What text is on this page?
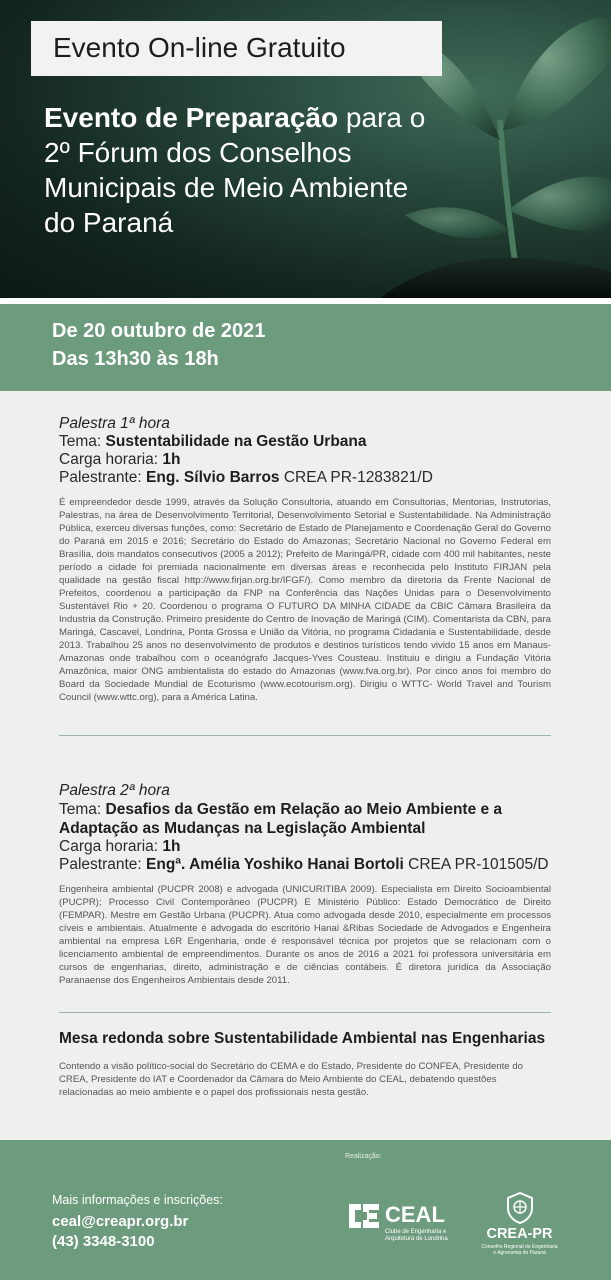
Evento On-line Gratuito
Evento de Preparação para o 2º Fórum dos Conselhos Municipais de Meio Ambiente do Paraná
De 20 outubro de 2021
Das 13h30 às 18h
Palestra 1ª hora
Tema: Sustentabilidade na Gestão Urbana
Carga horaria: 1h
Palestrante: Eng. Sílvio Barros CREA PR-1283821/D
É empreendedor desde 1999, através da Solução Consultoria, atuando em Consultorias, Mentorias, Instrutorias, Palestras, na área de Desenvolvimento Territorial, Desenvolvimento Setorial e Sustentabilidade. Na Administração Pública, exerceu diversas funções, como: Secretário de Estado de Planejamento e Coordenação Geral do Governo do Paraná em 2015 e 2016; Secretário do Estado do Amazonas; Secretário Nacional no Governo Federal em Brasília, dois mandatos consecutivos (2005 a 2012); Prefeito de Maringá/PR, cidade com 400 mil habitantes, neste período a cidade foi premiada nacionalmente em diversas áreas e reconhecida pelo Instituto FIRJAN pela qualidade na gestão fiscal http://www.firjan.org.br/IFGF/). Como membro da diretoria da Frente Nacional de Prefeitos, coordenou a participação da FNP na Conferência das Nações Unidas para o Desenvolvimento Sustentável Rio + 20. Coordenou o programa O FUTURO DA MINHA CIDADE da CBIC Câmara Brasileira da Industria da Construção. Primeiro presidente do Centro de Inovação de Maringá (CIM). Comentarista da CBN, para Maringá, Cascavel, Londrina, Ponta Grossa e União da Vitória, no programa Cidadania e Sustentabilidade, desde 2013. Trabalhou 25 anos no desenvolvimento de produtos e destinos turísticos tendo vivido 15 anos em Manaus-Amazonas onde trabalhou com o oceanógrafo Jacques-Yves Cousteau. Instituiu e dirigiu a Fundação Vitória Amazônica, maior ONG ambientalista do estado do Amazonas (www.fva.org.br). Por cinco anos foi membro do Board da Sociedade Mundial de Ecoturismo (www.ecotourism.org). Dirigiu o WTTC- World Travel and Tourism Council (www.wttc.org), para a América Latina.
Palestra 2ª hora
Tema: Desafios da Gestão em Relação ao Meio Ambiente e a Adaptação as Mudanças na Legislação Ambiental
Carga horaria: 1h
Palestrante: Engª. Amélia Yoshiko Hanai Bortoli CREA PR-101505/D
Engenheira ambiental (PUCPR 2008) e advogada (UNICURITIBA 2009). Especialista em Direito Socioambiental (PUCPR); Processo Civil Contemporâneo (PUCPR) E Ministério Público: Estado Democrático de Direito (FEMPAR). Mestre em Gestão Urbana (PUCPR). Atua como advogada desde 2010, especialmente em processos cíveis e ambientais. Atualmente é advogada do escritório Hanai &Ribas Sociedade de Advogados e Engenheira ambiental na empresa L6R Engenharia, onde é responsável técnica por projetos que se relacionam com o licenciamento ambiental de empreendimentos. Durante os anos de 2016 a 2021 foi professora universitária em cursos de engenharias, direito, administração e de ciências contábeis. É diretora jurídica da Associação Paranaense dos Engenheiros Ambientais desde 2011.
Mesa redonda sobre Sustentabilidade Ambiental nas Engenharias
Contendo a visão político-social do Secretário do CEMA e do Estado, Presidente do CONFEA, Presidente do CREA, Presidente do IAT e Coordenador da Câmara do Meio Ambiente do CEAL, debatendo questões relacionadas ao meio ambiente e o papel dos profissionais nesta gestão.
Mais informações e inscrições:
ceal@creapr.org.br
(43) 3348-3100
Realização:
CEAL
Clube de Engenharia e
Arquitetura de Londrina	CREA-PR
Conselho Regional de Engenharia
e Agronomia do Paraná
